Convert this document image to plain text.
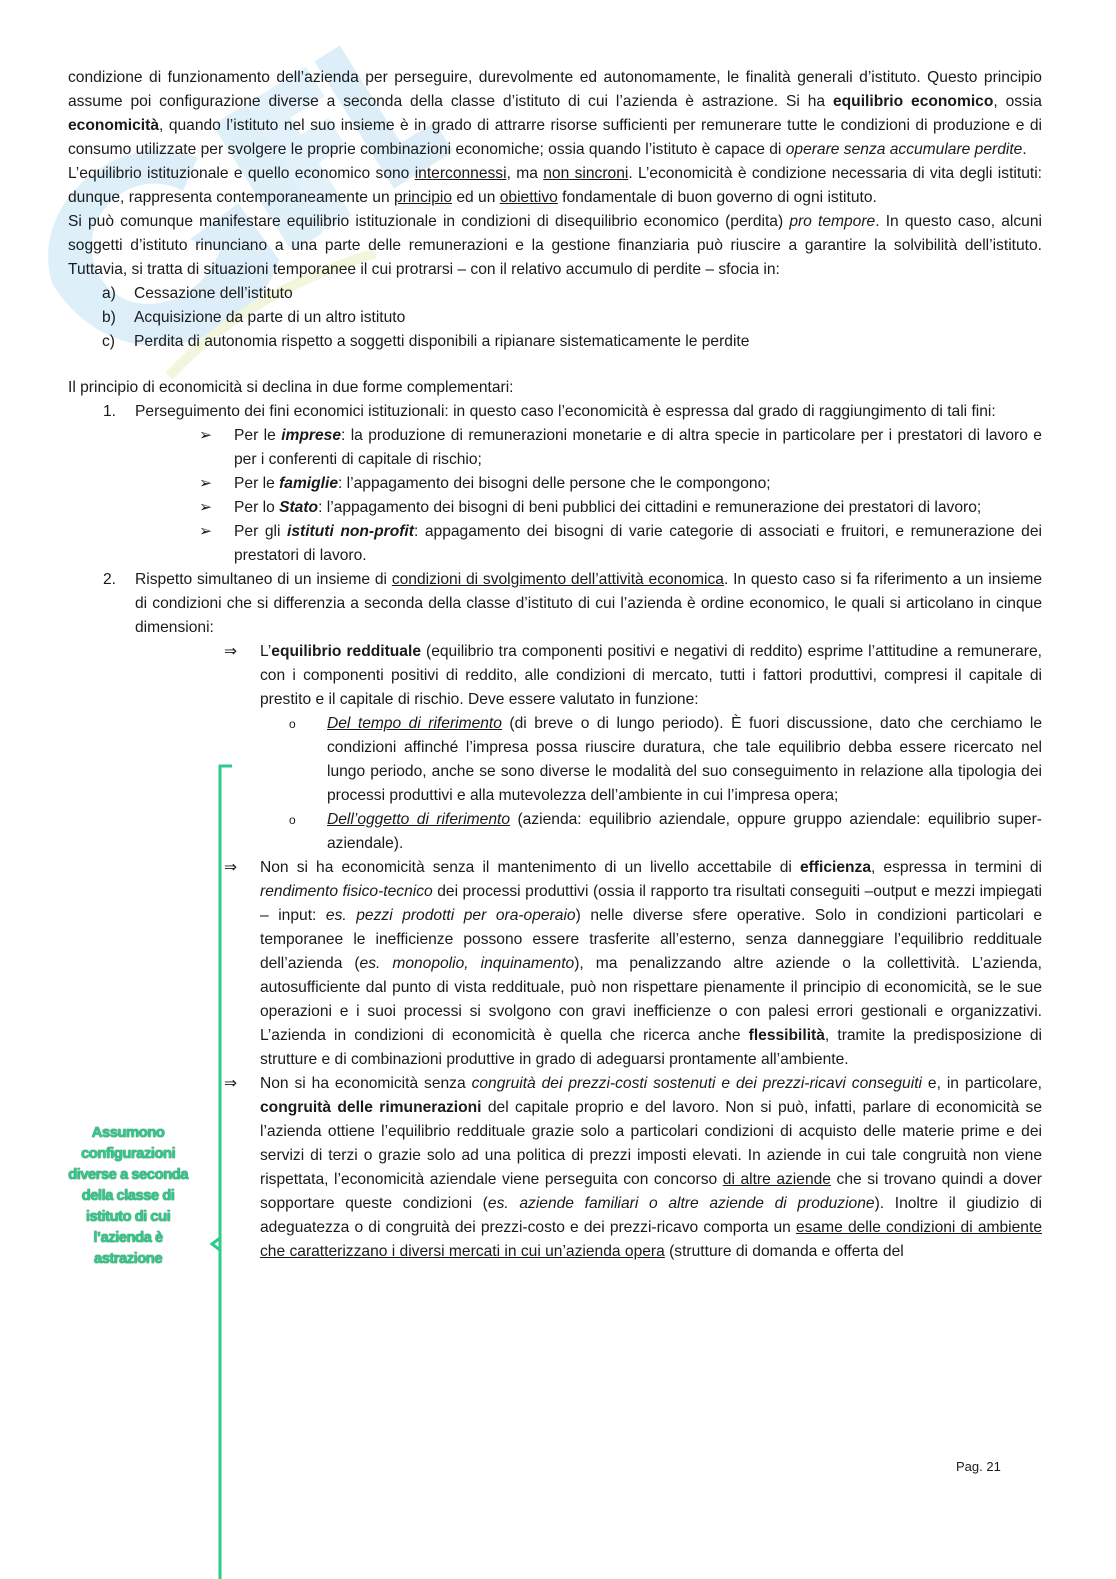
condizione di funzionamento dell’azienda per perseguire, durevolmente ed autonomamente, le finalità generali d’istituto. Questo principio assume poi configurazione diverse a seconda della classe d’istituto di cui l’azienda è astrazione. Si ha equilibrio economico, ossia economicità, quando l’istituto nel suo insieme è in grado di attrarre risorse sufficienti per remunerare tutte le condizioni di produzione e di consumo utilizzate per svolgere le proprie combinazioni economiche; ossia quando l’istituto è capace di operare senza accumulare perdite.

L’equilibrio istituzionale e quello economico sono interconnessi, ma non sincroni. L’economicità è condizione necessaria di vita degli istituti: dunque, rappresenta contemporaneamente un principio ed un obiettivo fondamentale di buon governo di ogni istituto.

Si può comunque manifestare equilibrio istituzionale in condizioni di disequilibrio economico (perdita) pro tempore. In questo caso, alcuni soggetti d’istituto rinunciano a una parte delle remunerazioni e la gestione finanziaria può riuscire a garantire la solvibilità dell’istituto. Tuttavia, si tratta di situazioni temporanee il cui protrarsi – con il relativo accumulo di perdite – sfocia in:

a)	Cessazione dell’istituto
b)	Acquisizione da parte di un altro istituto
c)	Perdita di autonomia rispetto a soggetti disponibili a ripianare sistematicamente le perdite

Il principio di economicità si declina in due forme complementari:

1.	Perseguimento dei fini economici istituzionali: in questo caso l’economicità è espressa dal grado di raggiungimento di tali fini:
➢	Per le imprese: la produzione di remunerazioni monetarie e di altra specie in particolare per i prestatori di lavoro e per i conferenti di capitale di rischio;
➢	Per le famiglie: l’appagamento dei bisogni delle persone che le compongono;
➢	Per lo Stato: l’appagamento dei bisogni di beni pubblici dei cittadini e remunerazione dei prestatori di lavoro;
➢	Per gli istituti non-profit: appagamento dei bisogni di varie categorie di associati e fruitori, e remunerazione dei prestatori di lavoro.
2.	Rispetto simultaneo di un insieme di condizioni di svolgimento dell’attività economica. In questo caso si fa riferimento a un insieme di condizioni che si differenzia a seconda della classe d’istituto di cui l’azienda è ordine economico, le quali si articolano in cinque dimensioni:
⇒	L’equilibrio reddituale (equilibrio tra componenti positivi e negativi di reddito) esprime l’attitudine a remunerare, con i componenti positivi di reddito, alle condizioni di mercato, tutti i fattori produttivi, compresi il capitale di prestito e il capitale di rischio. Deve essere valutato in funzione:
o	Del tempo di riferimento (di breve o di lungo periodo). È fuori discussione, dato che cerchiamo le condizioni affinché l’impresa possa riuscire duratura, che tale equilibrio debba essere ricercato nel lungo periodo, anche se sono diverse le modalità del suo conseguimento in relazione alla tipologia dei processi produttivi e alla mutevolezza dell’ambiente in cui l’impresa opera;
o	Dell’oggetto di riferimento (azienda: equilibrio aziendale, oppure gruppo aziendale: equilibrio super-aziendale).
⇒	Non si ha economicità senza il mantenimento di un livello accettabile di efficienza, espressa in termini di rendimento fisico-tecnico dei processi produttivi (ossia il rapporto tra risultati conseguiti –output e mezzi impiegati – input: es. pezzi prodotti per ora-operaio) nelle diverse sfere operative. Solo in condizioni particolari e temporanee le inefficienze possono essere trasferite all’esterno, senza danneggiare l’equilibrio reddituale dell’azienda (es. monopolio, inquinamento), ma penalizzando altre aziende o la collettività. L’azienda, autosufficiente dal punto di vista reddituale, può non rispettare pienamente il principio di economicità, se le sue operazioni e i suoi processi si svolgono con gravi inefficienze o con palesi errori gestionali e organizzativi. L’azienda in condizioni di economicità è quella che ricerca anche flessibilità, tramite la predisposizione di strutture e di combinazioni produttive in grado di adeguarsi prontamente all’ambiente.
⇒	Non si ha economicità senza congruità dei prezzi-costi sostenuti e dei prezzi-ricavi conseguiti e, in particolare, congruità delle rimunerazioni del capitale proprio e del lavoro. Non si può, infatti, parlare di economicità se l’azienda ottiene l’equilibrio reddituale grazie solo a particolari condizioni di acquisto delle materie prime e dei servizi di terzi o grazie solo ad una politica di prezzi imposti elevati. In aziende in cui tale congruità non viene rispettata, l’economicità aziendale viene perseguita con concorso di altre aziende che si trovano quindi a dover sopportare queste condizioni (es. aziende familiari o altre aziende di produzione). Inoltre il giudizio di adeguatezza o di congruità dei prezzi-costo e dei prezzi-ricavo comporta un esame delle condizioni di ambiente che caratterizzano i diversi mercati in cui un’azienda opera (strutture di domanda e offerta del
Assumono configurazioni diverse a seconda della classe di istituto di cui l’azienda è astrazione
Pag. 21
